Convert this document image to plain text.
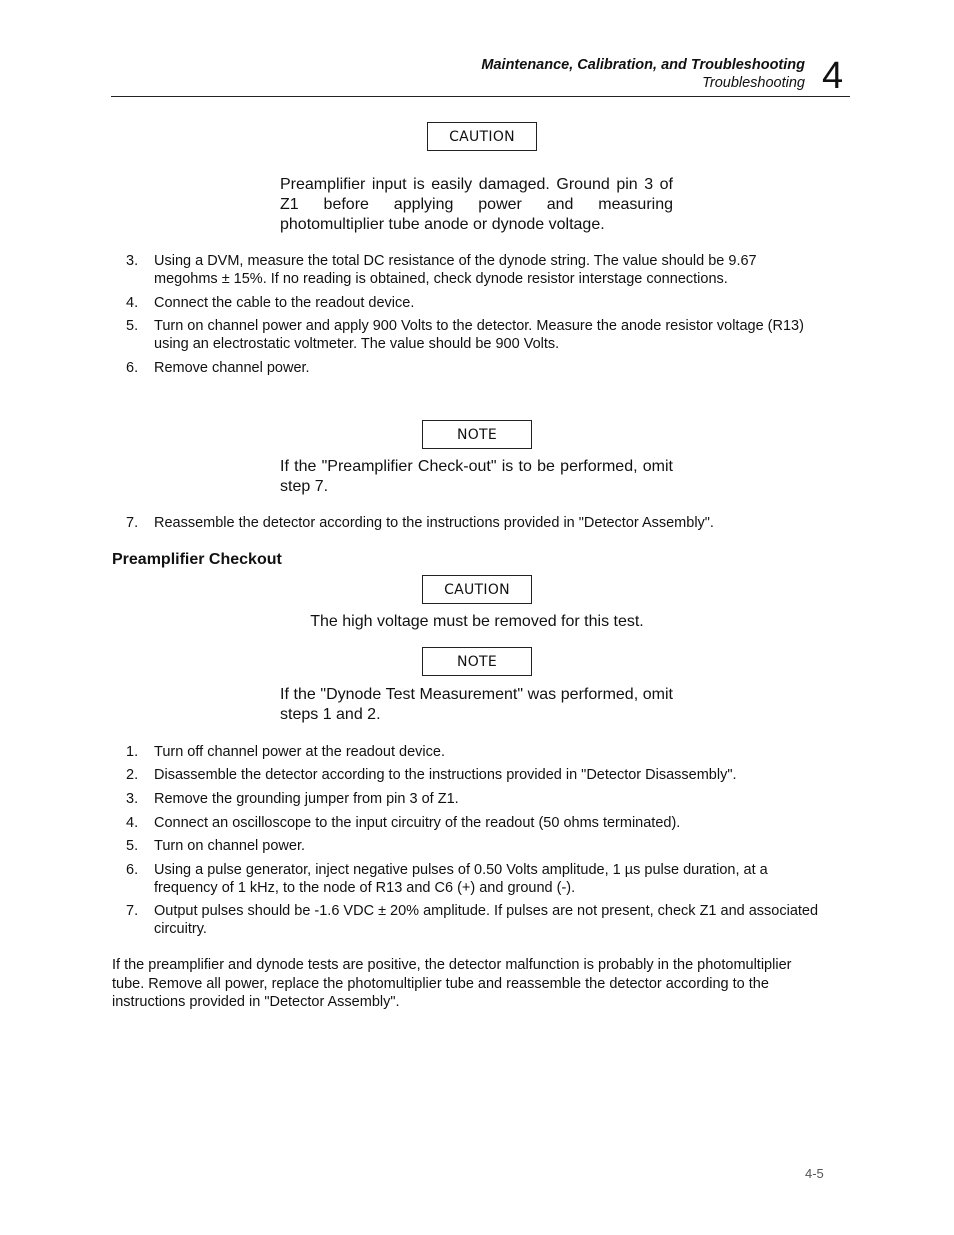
Maintenance, Calibration, and Troubleshooting
Troubleshooting 4
CAUTION
Preamplifier input is easily damaged. Ground pin 3 of Z1 before applying power and measuring photomultiplier tube anode or dynode voltage.
3. Using a DVM, measure the total DC resistance of the dynode string. The value should be 9.67 megohms ± 15%. If no reading is obtained, check dynode resistor interstage connections.
4. Connect the cable to the readout device.
5. Turn on channel power and apply 900 Volts to the detector. Measure the anode resistor voltage (R13) using an electrostatic voltmeter. The value should be 900 Volts.
6. Remove channel power.
NOTE
If the "Preamplifier Check-out" is to be performed, omit step 7.
7. Reassemble the detector according to the instructions provided in "Detector Assembly".
Preamplifier Checkout
CAUTION
The high voltage must be removed for this test.
NOTE
If the "Dynode Test Measurement" was performed, omit steps 1 and 2.
1. Turn off channel power at the readout device.
2. Disassemble the detector according to the instructions provided in "Detector Disassembly".
3. Remove the grounding jumper from pin 3 of Z1.
4. Connect an oscilloscope to the input circuitry of the readout (50 ohms terminated).
5. Turn on channel power.
6. Using a pulse generator, inject negative pulses of 0.50 Volts amplitude, 1 µs pulse duration, at a frequency of 1 kHz, to the node of R13 and C6 (+) and ground (-).
7. Output pulses should be -1.6 VDC ± 20% amplitude. If pulses are not present, check Z1 and associated circuitry.
If the preamplifier and dynode tests are positive, the detector malfunction is probably in the photomultiplier tube. Remove all power, replace the photomultiplier tube and reassemble the detector according to the instructions provided in "Detector Assembly".
4-5
